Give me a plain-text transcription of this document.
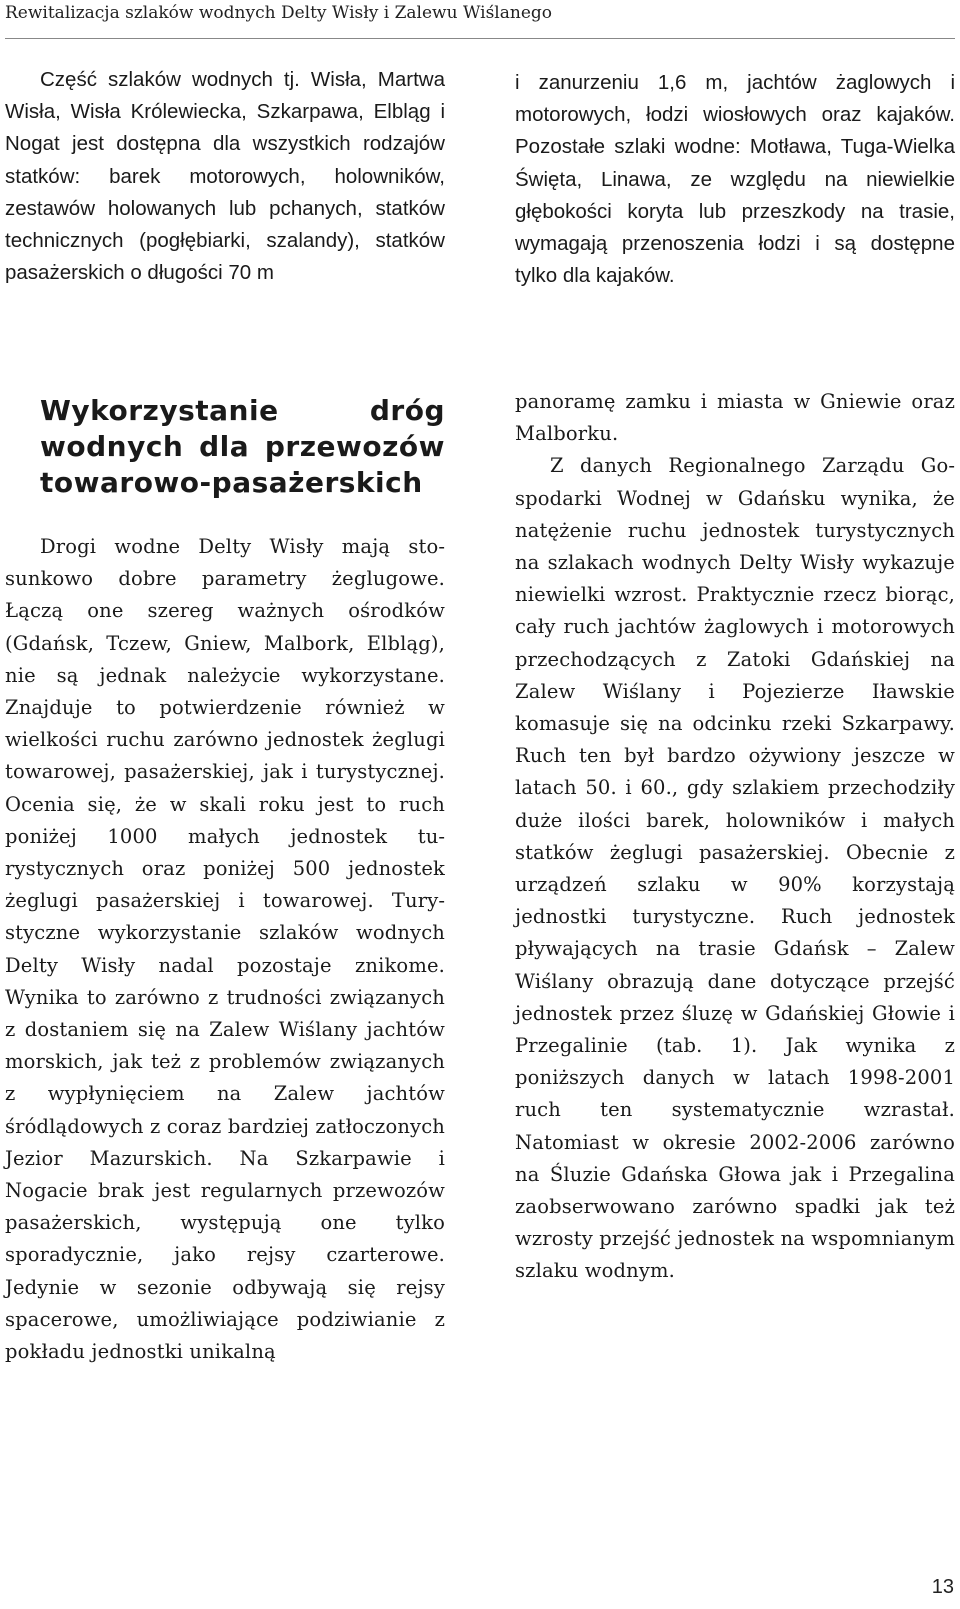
Rewitalizacja szlaków wodnych Delty Wisły i Zalewu Wiślanego

Część szlaków wodnych tj. Wisła, Martwa Wisła, Wisła Królewiecka, Szkarpawa, Elbląg i Nogat jest dostępna dla wszystkich rodzajów statków: barek motorowych, holowników, zestawów holowanych lub pchanych, statków technicznych (pogłębiarki, szalandy), statków pasażerskich o długości 70 m

i zanurzeniu 1,6 m, jachtów żaglowych i motorowych, łodzi wiosłowych oraz kajaków. Pozostałe szlaki wodne: Motława, Tuga-Wielka Święta, Linawa, ze względu na niewielkie głębokości koryta lub przeszkody na trasie, wymagają przenoszenia łodzi i są dostępne tylko dla kajaków.

Wykorzystanie dróg wodnych dla przewozów towarowo-pasażerskich

Drogi wodne Delty Wisły mają stosunkowo dobre parametry żeglugowe. Łączą one szereg ważnych ośrodków (Gdańsk, Tczew, Gniew, Malbork, Elbląg), nie są jednak należycie wykorzystane. Znajduje to potwierdzenie również w wielkości ruchu zarówno jednostek żeglugi towarowej, pasażerskiej, jak i turystycznej. Ocenia się, że w skali roku jest to ruch poniżej 1000 małych jednostek turystycznych oraz poniżej 500 jednostek żeglugi pasażerskiej i towarowej. Turystyczne wykorzystanie szlaków wodnych Delty Wisły nadal pozostaje znikome. Wynika to zarówno z trudności związanych z dostaniem się na Zalew Wiślany jachtów morskich, jak też z problemów związanych z wypłynięciem na Zalew jachtów śródlądowych z coraz bardziej zatłoczonych Jezior Mazurskich. Na Szkarpawie i Nogacie brak jest regularnych przewozów pasażerskich, występują one tylko sporadycznie, jako rejsy czarterowe. Jedynie w sezonie odbywają się rejsy spacerowe, umożliwiające podziwianie z pokładu jednostki unikalną

panoramę zamku i miasta w Gniewie oraz Malborku.

Z danych Regionalnego Zarządu Gospodarki Wodnej w Gdańsku wynika, że natężenie ruchu jednostek turystycznych na szlakach wodnych Delty Wisły wykazuje niewielki wzrost. Praktycznie rzecz biorąc, cały ruch jachtów żaglowych i motorowych przechodzących z Zatoki Gdańskiej na Zalew Wiślany i Pojezierze Iławskie komasuje się na odcinku rzeki Szkarpawy. Ruch ten był bardzo ożywiony jeszcze w latach 50. i 60., gdy szlakiem przechodziły duże ilości barek, holowników i małych statków żeglugi pasażerskiej. Obecnie z urządzeń szlaku w 90% korzystają jednostki turystyczne. Ruch jednostek pływających na trasie Gdańsk – Zalew Wiślany obrazują dane dotyczące przejść jednostek przez śluzę w Gdańskiej Głowie i Przegalinie (tab. 1). Jak wynika z poniższych danych w latach 1998-2001 ruch ten systematycznie wzrastał. Natomiast w okresie 2002-2006 zarówno na Śluzie Gdańska Głowa jak i Przegalina zaobserwowano zarówno spadki jak też wzrosty przejść jednostek na wspomnianym szlaku wodnym.

13
